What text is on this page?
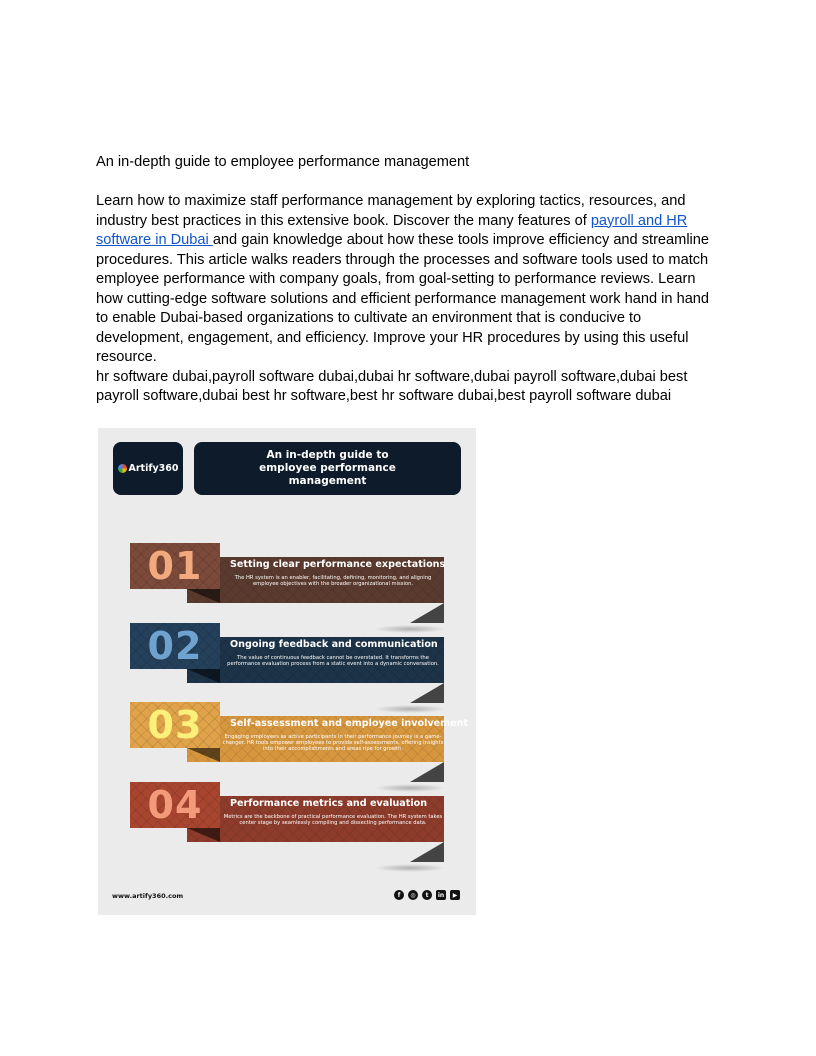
An in-depth guide to employee performance management

Learn how to maximize staff performance management by exploring tactics, resources, and industry best practices in this extensive book. Discover the many features of payroll and HR software in Dubai and gain knowledge about how these tools improve efficiency and streamline procedures. This article walks readers through the processes and software tools used to match employee performance with company goals, from goal-setting to performance reviews. Learn how cutting-edge software solutions and efficient performance management work hand in hand to enable Dubai-based organizations to cultivate an environment that is conducive to development, engagement, and efficiency. Improve your HR procedures by using this useful resource.

hr software dubai,payroll software dubai,dubai hr software,dubai payroll software,dubai best payroll software,dubai best hr software,best hr software dubai,best payroll software dubai

Artify360
An in-depth guide to employee performance management
01	Setting clear performance expectations
The HR system is an enabler, facilitating, defining, monitoring, and aligning employee objectives with the broader organizational mission.
02	Ongoing feedback and communication
The value of continuous feedback cannot be overstated. It transforms the performance evaluation process from a static event into a dynamic conversation.
03	Self-assessment and employee involvement
Engaging employees as active participants in their performance journey is a game-changer. HR tools empower employees to provide self-assessments, offering insights into their accomplishments and areas ripe for growth.
04	Performance metrics and evaluation
Metrics are the backbone of practical performance evaluation. The HR system takes center stage by seamlessly compiling and dissecting performance data.
www.artify360.com	f	◎	t	in	▶
